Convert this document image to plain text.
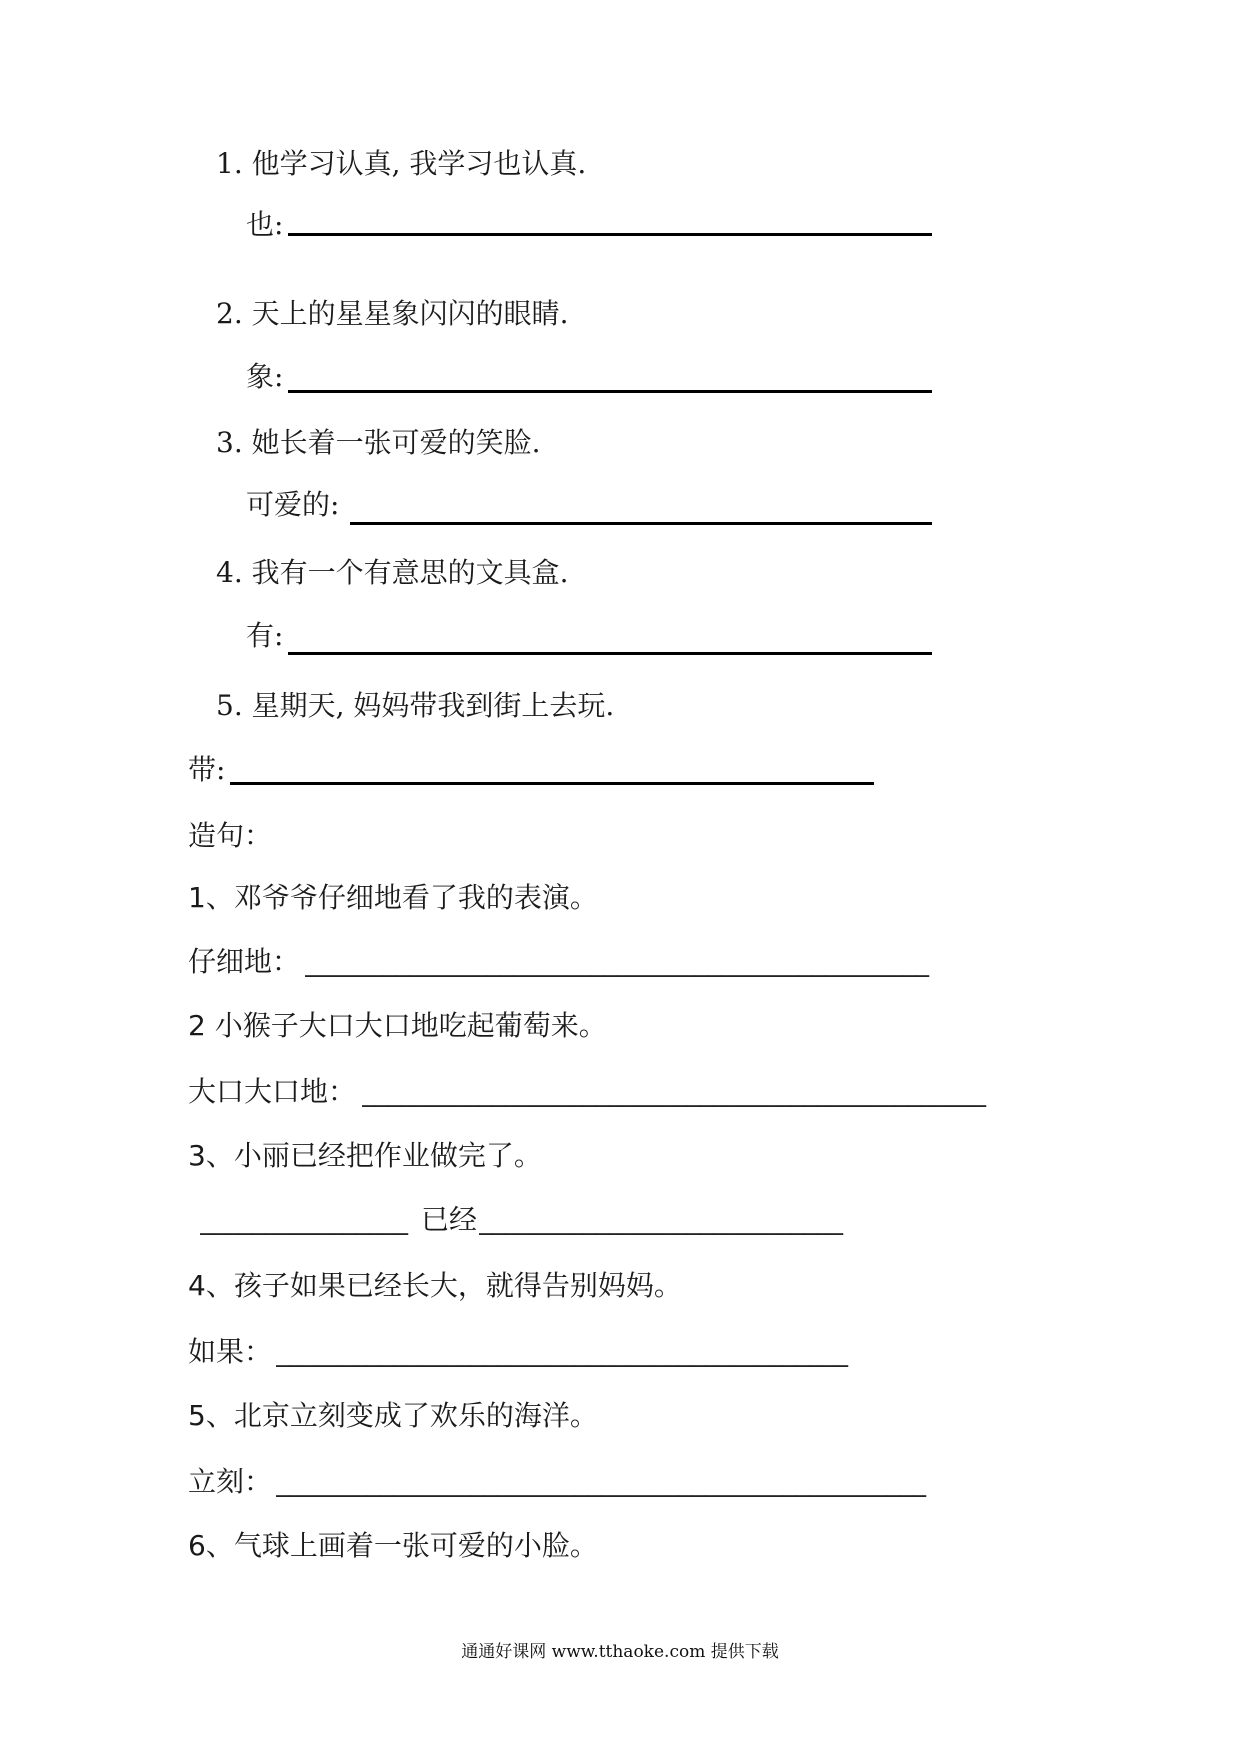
1. 他学习认真, 我学习也认真.
也:
2. 天上的星星象闪闪的眼睛.
象:
3. 她长着一张可爱的笑脸.
可爱的:
4. 我有一个有意思的文具盒.
有:
5. 星期天, 妈妈带我到街上去玩.
带:
造句：
1、邓爷爷仔细地看了我的表演。
仔细地： ________________________________________________
2 小猴子大口大口地吃起葡萄来。
大口大口地： ________________________________________________
3、小丽已经把作业做完了。
________________ 已经 ____________________________
4、孩子如果已经长大，就得告别妈妈。
如果： ____________________________________________
5、北京立刻变成了欢乐的海洋。
立刻： __________________________________________________
6、气球上画着一张可爱的小脸。
通通好课网 www.tthaoke.com 提供下载
